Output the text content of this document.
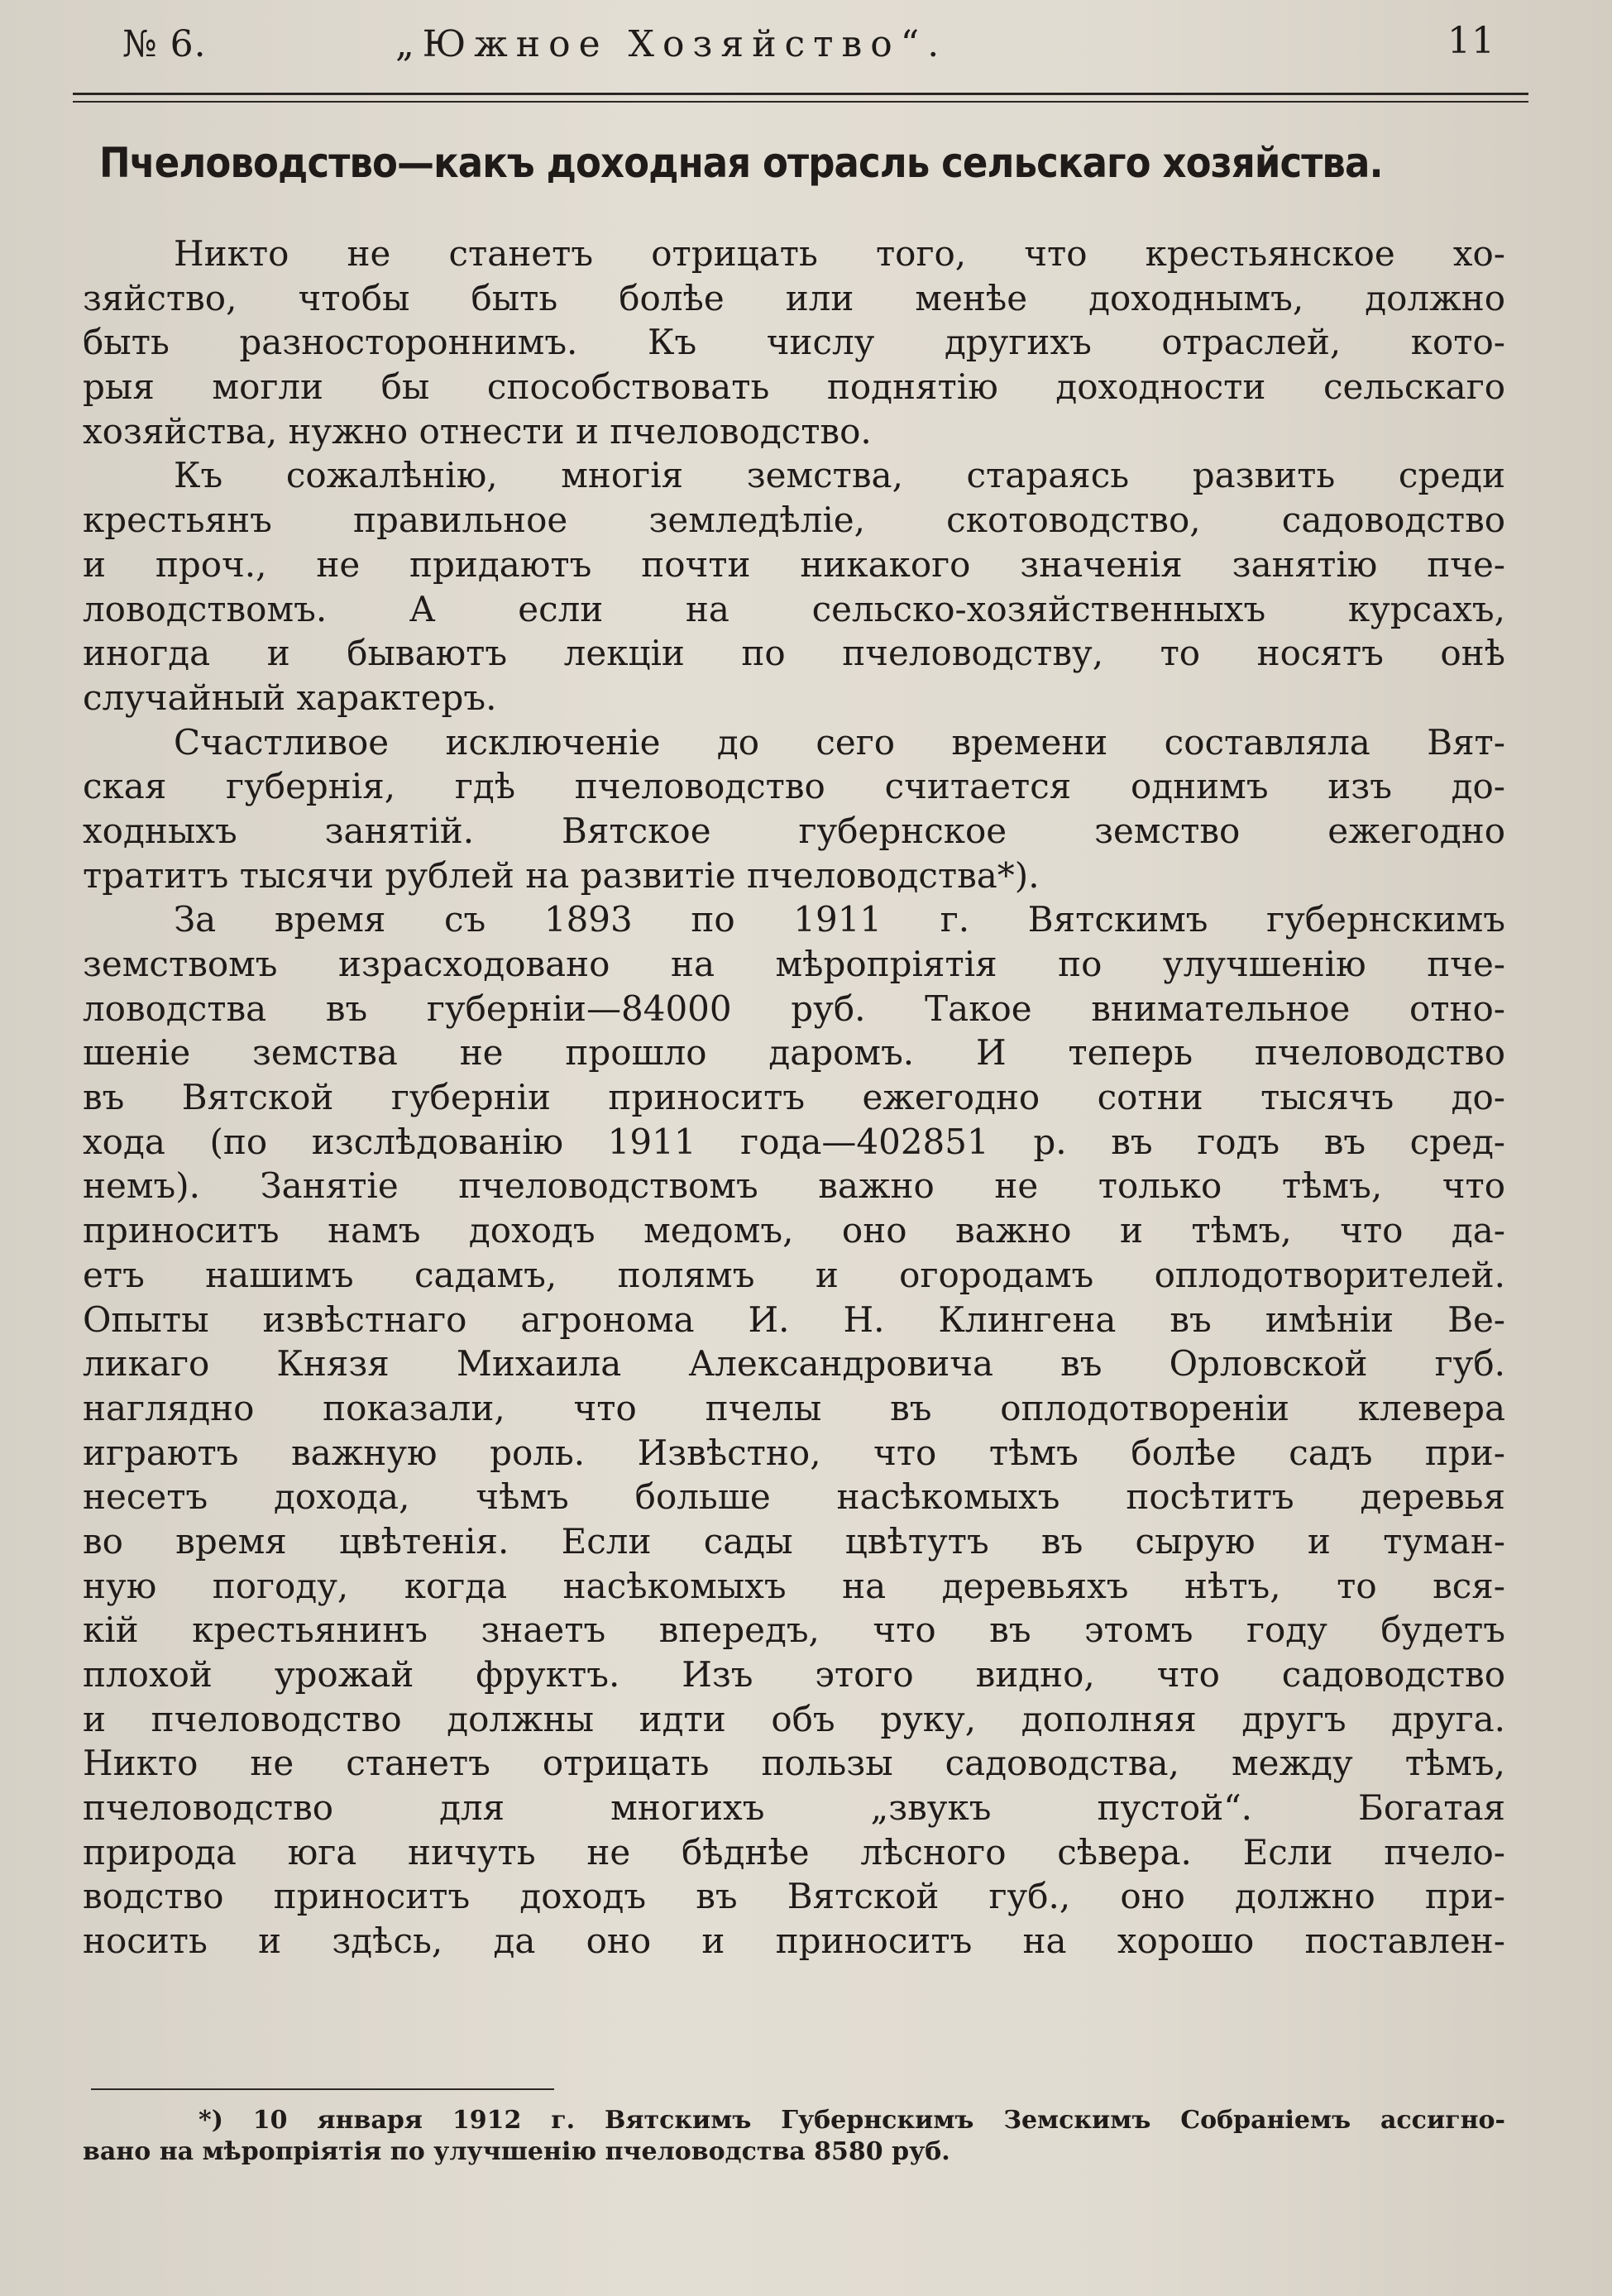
№ 6.	„Южное Хозяйство“.	11
Пчеловодство—какъ доходная отрасль сельскаго хозяйства.
Никто не станетъ отрицать того, что крестьянское хо-
зяйство, чтобы быть болѣе или менѣе доходнымъ, должно
быть разностороннимъ. Къ числу другихъ отраслей, кото-
рыя могли бы способствовать поднятію доходности сельскаго
хозяйства, нужно отнести и пчеловодство.
Къ сожалѣнію, многія земства, стараясь развить среди
крестьянъ правильное земледѣліе, скотоводство, садоводство
и проч., не придаютъ почти никакого значенія занятію пче-
ловодствомъ. А если на сельско-хозяйственныхъ курсахъ,
иногда и бываютъ лекціи по пчеловодству, то носятъ онѣ
случайный характеръ.
Счастливое исключеніе до сего времени составляла Вят-
ская губернія, гдѣ пчеловодство считается однимъ изъ до-
ходныхъ занятій. Вятское губернское земство ежегодно
тратитъ тысячи рублей на развитіе пчеловодства*).
За время съ 1893 по 1911 г. Вятскимъ губернскимъ
земствомъ израсходовано на мѣропріятія по улучшенію пче-
ловодства въ губерніи—84000 руб. Такое внимательное отно-
шеніе земства не прошло даромъ. И теперь пчеловодство
въ Вятской губерніи приноситъ ежегодно сотни тысячъ до-
хода (по изслѣдованію 1911 года—402851 р. въ годъ въ сред-
немъ). Занятіе пчеловодствомъ важно не только тѣмъ, что
приноситъ намъ доходъ медомъ, оно важно и тѣмъ, что да-
етъ нашимъ садамъ, полямъ и огородамъ оплодотворителей.
Опыты извѣстнаго агронома И. Н. Клингена въ имѣніи Ве-
ликаго Князя Михаила Александровича въ Орловской губ.
наглядно показали, что пчелы въ оплодотвореніи клевера
играютъ важную роль. Извѣстно, что тѣмъ болѣе садъ при-
несетъ дохода, чѣмъ больше насѣкомыхъ посѣтитъ деревья
во время цвѣтенія. Если сады цвѣтутъ въ сырую и туман-
ную погоду, когда насѣкомыхъ на деревьяхъ нѣтъ, то вся-
кій крестьянинъ знаетъ впередъ, что въ этомъ году будетъ
плохой урожай фруктъ. Изъ этого видно, что садоводство
и пчеловодство должны идти объ руку, дополняя другъ друга.
Никто не станетъ отрицать пользы садоводства, между тѣмъ,
пчеловодство для многихъ „звукъ пустой“. Богатая
природа юга ничуть не бѣднѣе лѣсного сѣвера. Если пчело-
водство приноситъ доходъ въ Вятской губ., оно должно при-
носить и здѣсь, да оно и приноситъ на хорошо поставлен-
*) 10 января 1912 г. Вятскимъ Губернскимъ Земскимъ Собраніемъ ассигно-
вано на мѣропріятія по улучшенію пчеловодства 8580 руб.
